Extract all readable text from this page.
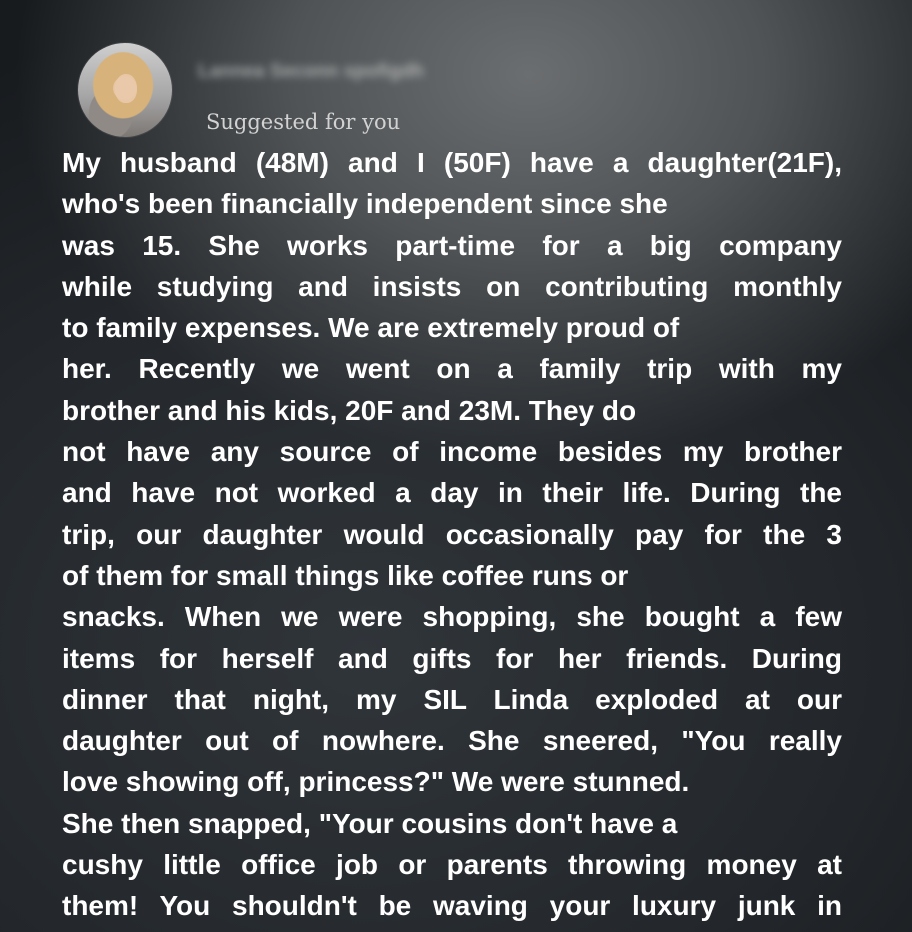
Lannea Seconn spofigdh
Suggested for you
My husband (48M) and I (50F) have a daughter(21F),
who's been financially independent since she
was 15. She works part-time for a big company
while studying and insists on contributing monthly
to family expenses. We are extremely proud of
her. Recently we went on a family trip with my
brother and his kids, 20F and 23M. They do
not have any source of income besides my brother
and have not worked a day in their life. During the
trip, our daughter would occasionally pay for the 3
of them for small things like coffee runs or
snacks. When we were shopping, she bought a few
items for herself and gifts for her friends. During
dinner that night, my SIL Linda exploded at our
daughter out of nowhere. She sneered, "You really
love showing off, princess?" We were stunned.
She then snapped, "Your cousins don't have a
cushy little office job or parents throwing money at
them! You shouldn't be waving your luxury junk in
